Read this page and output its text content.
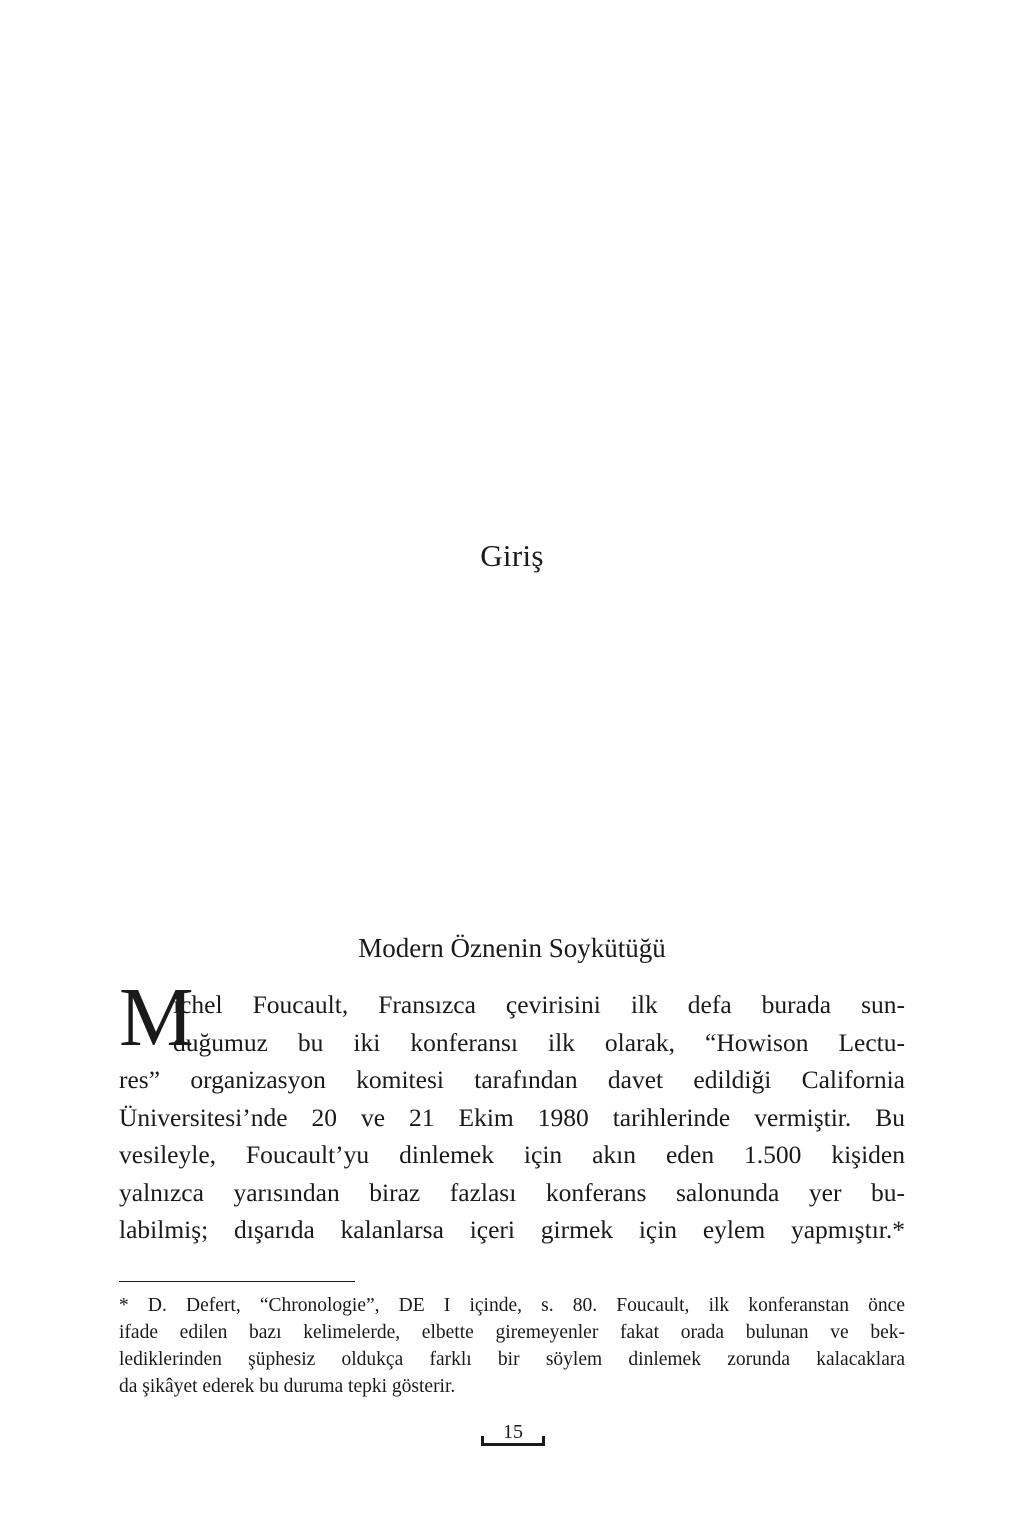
Giriş
Modern Öznenin Soykütüğü
M
ichel Foucault, Fransızca çevirisini ilk defa burada sun-
duğumuz bu iki konferansı ilk olarak, “Howison Lectu-
res” organizasyon komitesi tarafından davet edildiği California
Üniversitesi’nde 20 ve 21 Ekim 1980 tarihlerinde vermiştir. Bu
vesileyle, Foucault’yu dinlemek için akın eden 1.500 kişiden
yalnızca yarısından biraz fazlası konferans salonunda yer bu-
labilmiş; dışarıda kalanlarsa içeri girmek için eylem yapmıştır.*
* D. Defert, “Chronologie”, DE I içinde, s. 80. Foucault, ilk konferanstan önce
ifade edilen bazı kelimelerde, elbette giremeyenler fakat orada bulunan ve bek-
lediklerinden şüphesiz oldukça farklı bir söylem dinlemek zorunda kalacaklara
da şikâyet ederek bu duruma tepki gösterir.
15
